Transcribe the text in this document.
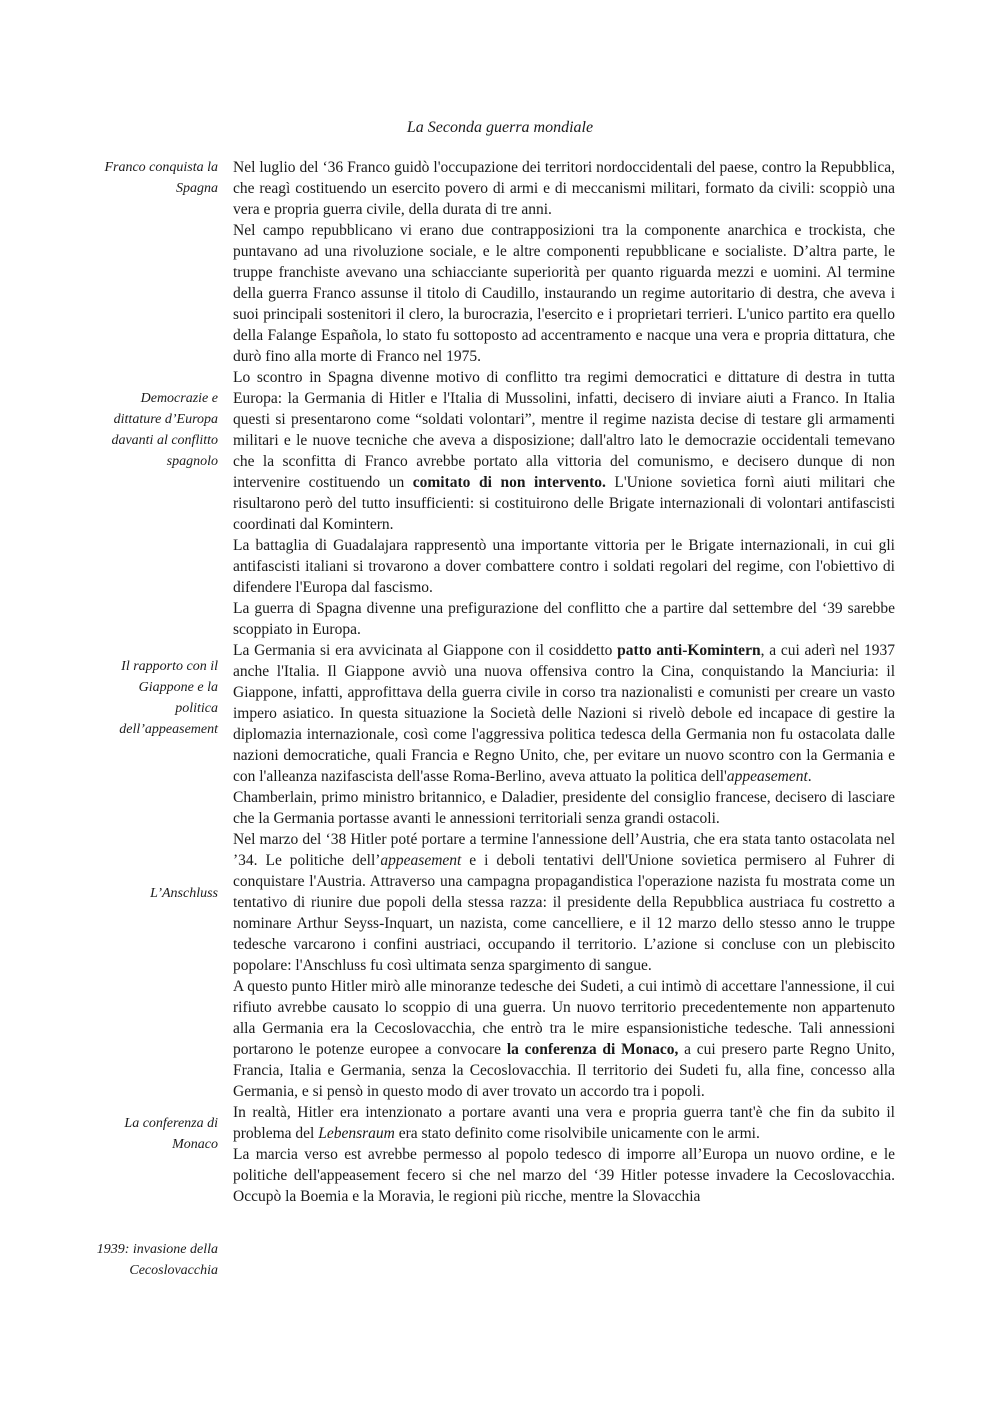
La Seconda guerra mondiale
Franco conquista la Spagna
Democrazie e dittature d’Europa davanti al conflitto spagnolo
Il rapporto con il Giappone e la politica dell’appeasement
L’Anschluss
La conferenza di Monaco
1939: invasione della Cecoslovacchia

Nel luglio del ‘36 Franco guidò l'occupazione dei territori nordoccidentali del paese, contro la Repubblica, che reagì costituendo un esercito povero di armi e di meccanismi militari, formato da civili: scoppiò una vera e propria guerra civile, della durata di tre anni.

Nel campo repubblicano vi erano due contrapposizioni tra la componente anarchica e trockista, che puntavano ad una rivoluzione sociale, e le altre componenti repubblicane e socialiste. D’altra parte, le truppe franchiste avevano una schiacciante superiorità per quanto riguarda mezzi e uomini. Al termine della guerra Franco assunse il titolo di Caudillo, instaurando un regime autoritario di destra, che aveva i suoi principali sostenitori il clero, la burocrazia, l'esercito e i proprietari terrieri. L'unico partito era quello della Falange Española, lo stato fu sottoposto ad accentramento e nacque una vera e propria dittatura, che durò fino alla morte di Franco nel 1975.

Lo scontro in Spagna divenne motivo di conflitto tra regimi democratici e dittature di destra in tutta Europa: la Germania di Hitler e l'Italia di Mussolini, infatti, decisero di inviare aiuti a Franco. In Italia questi si presentarono come “soldati volontari”, mentre il regime nazista decise di testare gli armamenti militari e le nuove tecniche che aveva a disposizione; dall'altro lato le democrazie occidentali temevano che la sconfitta di Franco avrebbe portato alla vittoria del comunismo, e decisero dunque di non intervenire costituendo un comitato di non intervento. L'Unione sovietica fornì aiuti militari che risultarono però del tutto insufficienti: si costituirono delle Brigate internazionali di volontari antifascisti coordinati dal Komintern.

La battaglia di Guadalajara rappresentò una importante vittoria per le Brigate internazionali, in cui gli antifascisti italiani si trovarono a dover combattere contro i soldati regolari del regime, con l'obiettivo di difendere l'Europa dal fascismo.

La guerra di Spagna divenne una prefigurazione del conflitto che a partire dal settembre del ‘39 sarebbe scoppiato in Europa.

La Germania si era avvicinata al Giappone con il cosiddetto patto anti-Komintern, a cui aderì nel 1937 anche l'Italia. Il Giappone avviò una nuova offensiva contro la Cina, conquistando la Manciuria: il Giappone, infatti, approfittava della guerra civile in corso tra nazionalisti e comunisti per creare un vasto impero asiatico. In questa situazione la Società delle Nazioni si rivelò debole ed incapace di gestire la diplomazia internazionale, così come l'aggressiva politica tedesca della Germania non fu ostacolata dalle nazioni democratiche, quali Francia e Regno Unito, che, per evitare un nuovo scontro con la Germania e con l'alleanza nazifascista dell'asse Roma-Berlino, aveva attuato la politica dell'appeasement.

Chamberlain, primo ministro britannico, e Daladier, presidente del consiglio francese, decisero di lasciare che la Germania portasse avanti le annessioni territoriali senza grandi ostacoli.

Nel marzo del ‘38 Hitler poté portare a termine l'annessione dell’Austria, che era stata tanto ostacolata nel ’34. Le politiche dell’appeasement e i deboli tentativi dell'Unione sovietica permisero al Fuhrer di conquistare l'Austria. Attraverso una campagna propagandistica l'operazione nazista fu mostrata come un tentativo di riunire due popoli della stessa razza: il presidente della Repubblica austriaca fu costretto a nominare Arthur Seyss-Inquart, un nazista, come cancelliere, e il 12 marzo dello stesso anno le truppe tedesche varcarono i confini austriaci, occupando il territorio. L’azione si concluse con un plebiscito popolare: l'Anschluss fu così ultimata senza spargimento di sangue.

A questo punto Hitler mirò alle minoranze tedesche dei Sudeti, a cui intimò di accettare l'annessione, il cui rifiuto avrebbe causato lo scoppio di una guerra. Un nuovo territorio precedentemente non appartenuto alla Germania era la Cecoslovacchia, che entrò tra le mire espansionistiche tedesche. Tali annessioni portarono le potenze europee a convocare la conferenza di Monaco, a cui presero parte Regno Unito, Francia, Italia e Germania, senza la Cecoslovacchia. Il territorio dei Sudeti fu, alla fine, concesso alla Germania, e si pensò in questo modo di aver trovato un accordo tra i popoli.

In realtà, Hitler era intenzionato a portare avanti una vera e propria guerra tant'è che fin da subito il problema del Lebensraum era stato definito come risolvibile unicamente con le armi.

La marcia verso est avrebbe permesso al popolo tedesco di imporre all’Europa un nuovo ordine, e le politiche dell'appeasement fecero si che nel marzo del ‘39 Hitler potesse invadere la Cecoslovacchia. Occupò la Boemia e la Moravia, le regioni più ricche, mentre la Slovacchia
